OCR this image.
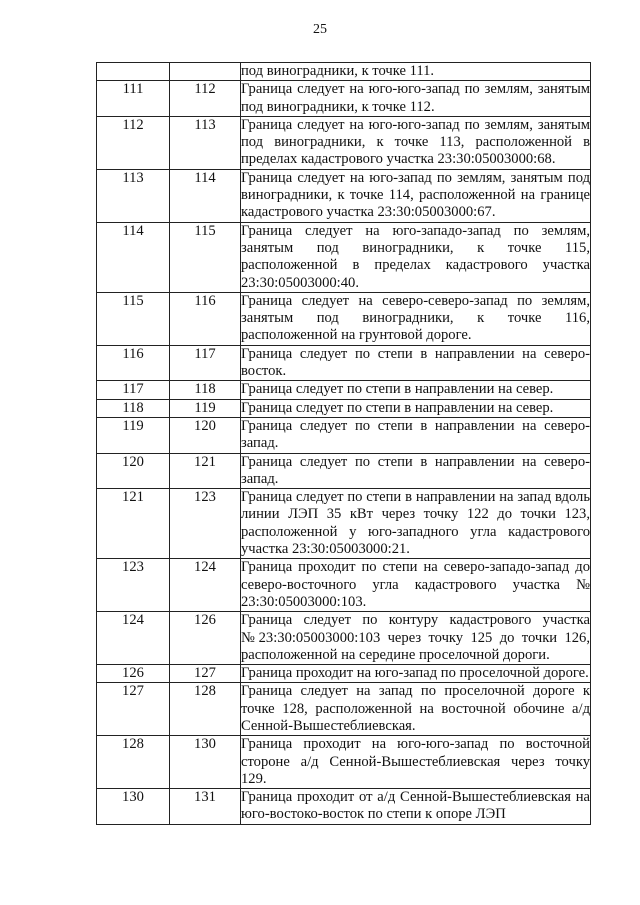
25

		под виноградники, к точке 111.

111	112	Граница следует на юго-юго-запад по землям, занятым под виноградники, к точке 112.

112	113	Граница следует на юго-юго-запад по землям, занятым под виноградники, к точке 113, расположенной в пределах кадастрового участка 23:30:05003000:68.

113	114	Граница следует на юго-запад по землям, занятым под виноградники, к точке 114, расположенной на границе кадастрового участка 23:30:05003000:67.

114	115	Граница следует на юго-западо-запад по землям, занятым под виноградники, к точке 115, расположенной в пределах кадастрового участка 23:30:05003000:40.

115	116	Граница следует на северо-северо-запад по землям, занятым под виноградники, к точке 116, расположенной на грунтовой дороге.

116	117	Граница следует по степи в направлении на северо-восток.

117	118	Граница следует по степи в направлении на север.

118	119	Граница следует по степи в направлении на север.

119	120	Граница следует по степи в направлении на северо-запад.

120	121	Граница следует по степи в направлении на северо-запад.

121	123	Граница следует по степи в направлении на запад вдоль линии ЛЭП 35 кВт через точку 122 до точки 123, расположенной у юго-западного угла кадастрового участка 23:30:05003000:21.

123	124	Граница проходит по степи на северо-западо-запад до северо-восточного угла кадастрового участка № 23:30:05003000:103.

124	126	Граница следует по контуру кадастрового участка №23:30:05003000:103 через точку 125 до точки 126, расположенной на середине проселочной дороги.

126	127	Граница проходит на юго-запад по проселочной дороге.

127	128	Граница следует на запад по проселочной дороге к точке 128, расположенной на восточной обочине а/д Сенной-Вышестеблиевская.

128	130	Граница проходит на юго-юго-запад по восточной стороне а/д Сенной-Вышестеблиевская через точку 129.

130	131	Граница проходит от а/д Сенной-Вышестеблиевская на юго-востоко-восток по степи к опоре ЛЭП
